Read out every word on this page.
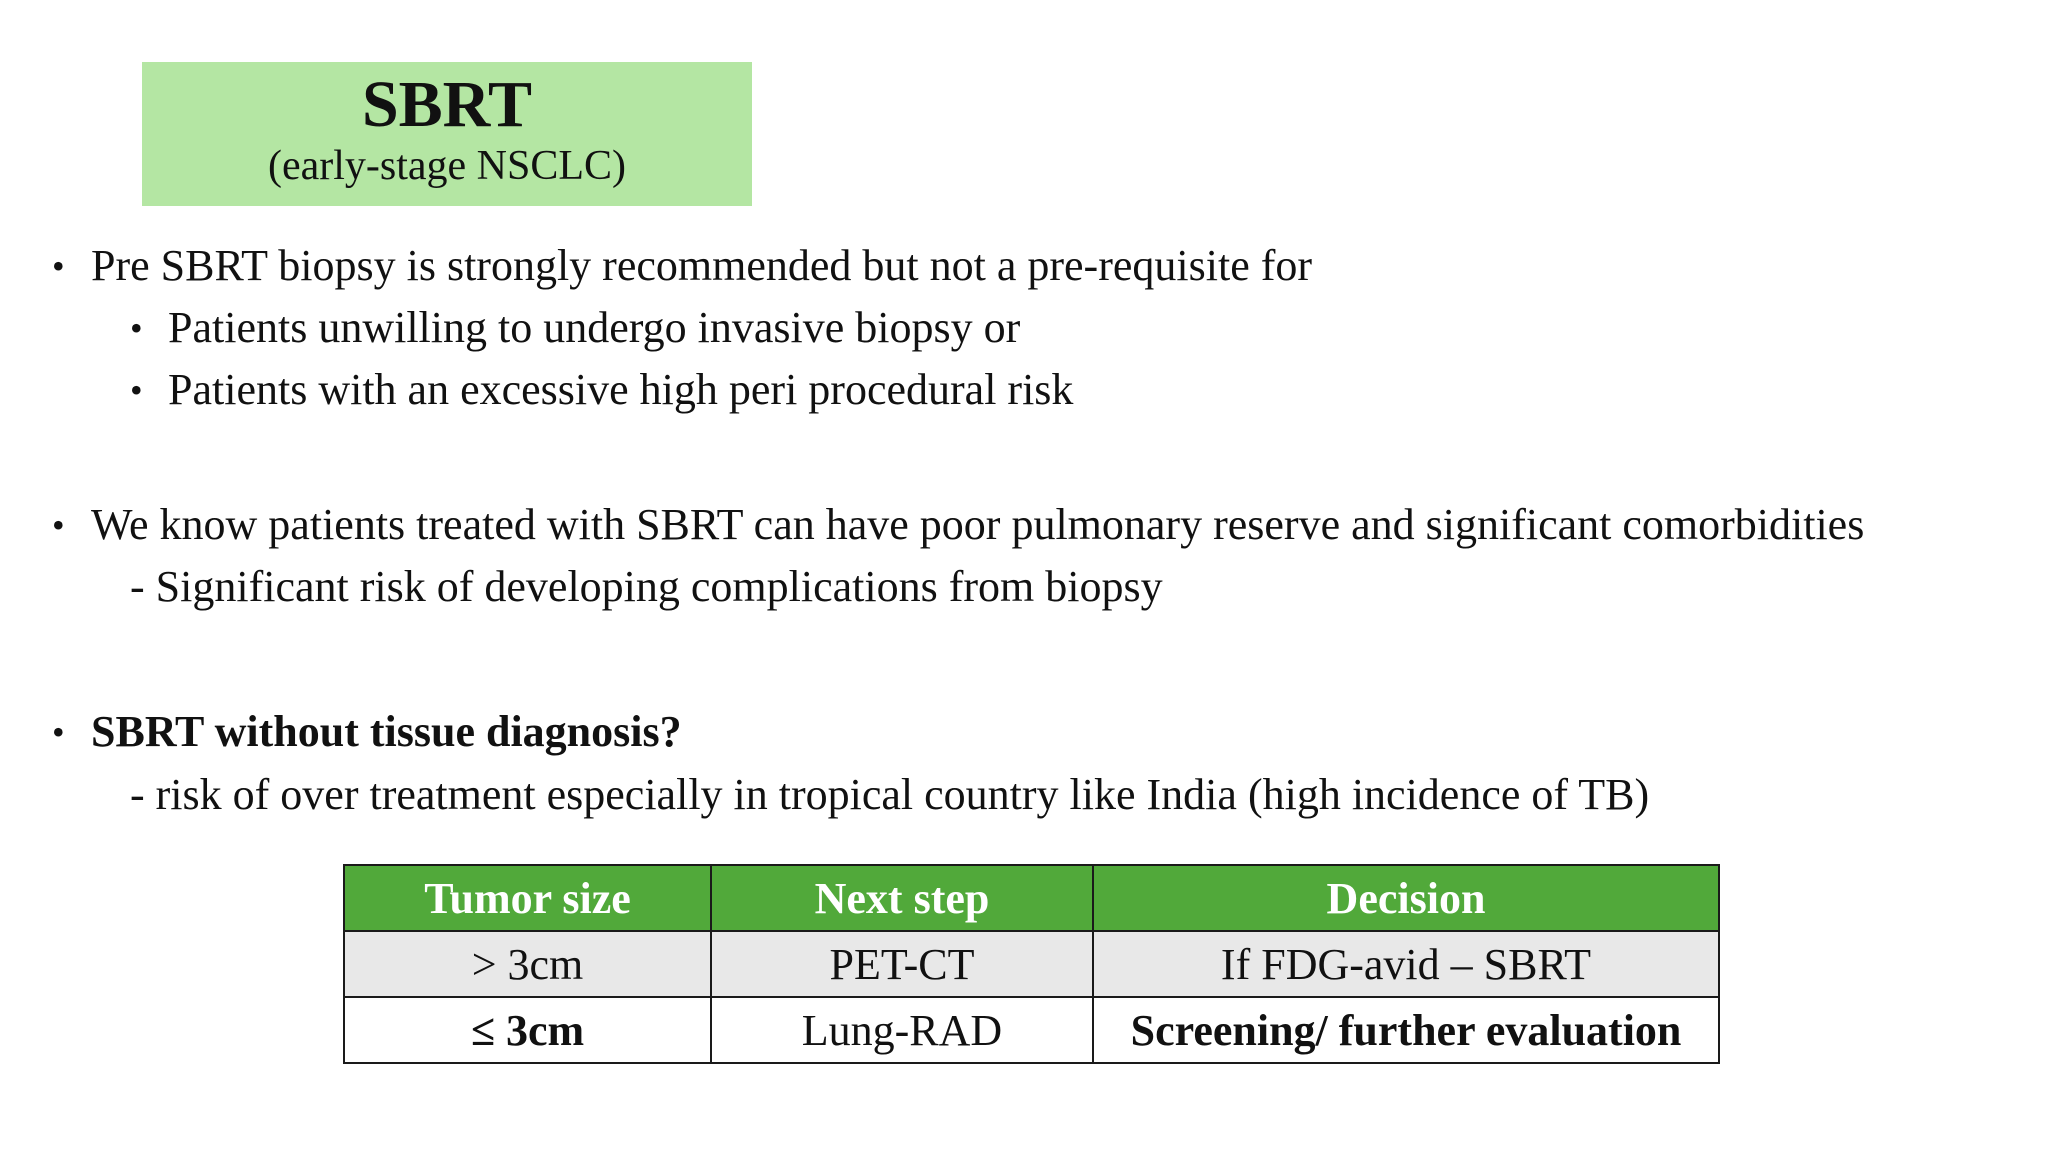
SBRT
(early-stage NSCLC)
• Pre SBRT biopsy is strongly recommended but not a pre-requisite for
• Patients unwilling to undergo invasive biopsy or
• Patients with an excessive high peri procedural risk
• We know patients treated with SBRT can have poor pulmonary reserve and significant comorbidities
- Significant risk of developing complications from biopsy
• SBRT without tissue diagnosis?
- risk of over treatment especially in tropical country like India (high incidence of TB)
Tumor size	Next step	Decision
> 3cm	PET-CT	If FDG-avid – SBRT
≤ 3cm	Lung-RAD	Screening/ further evaluation
